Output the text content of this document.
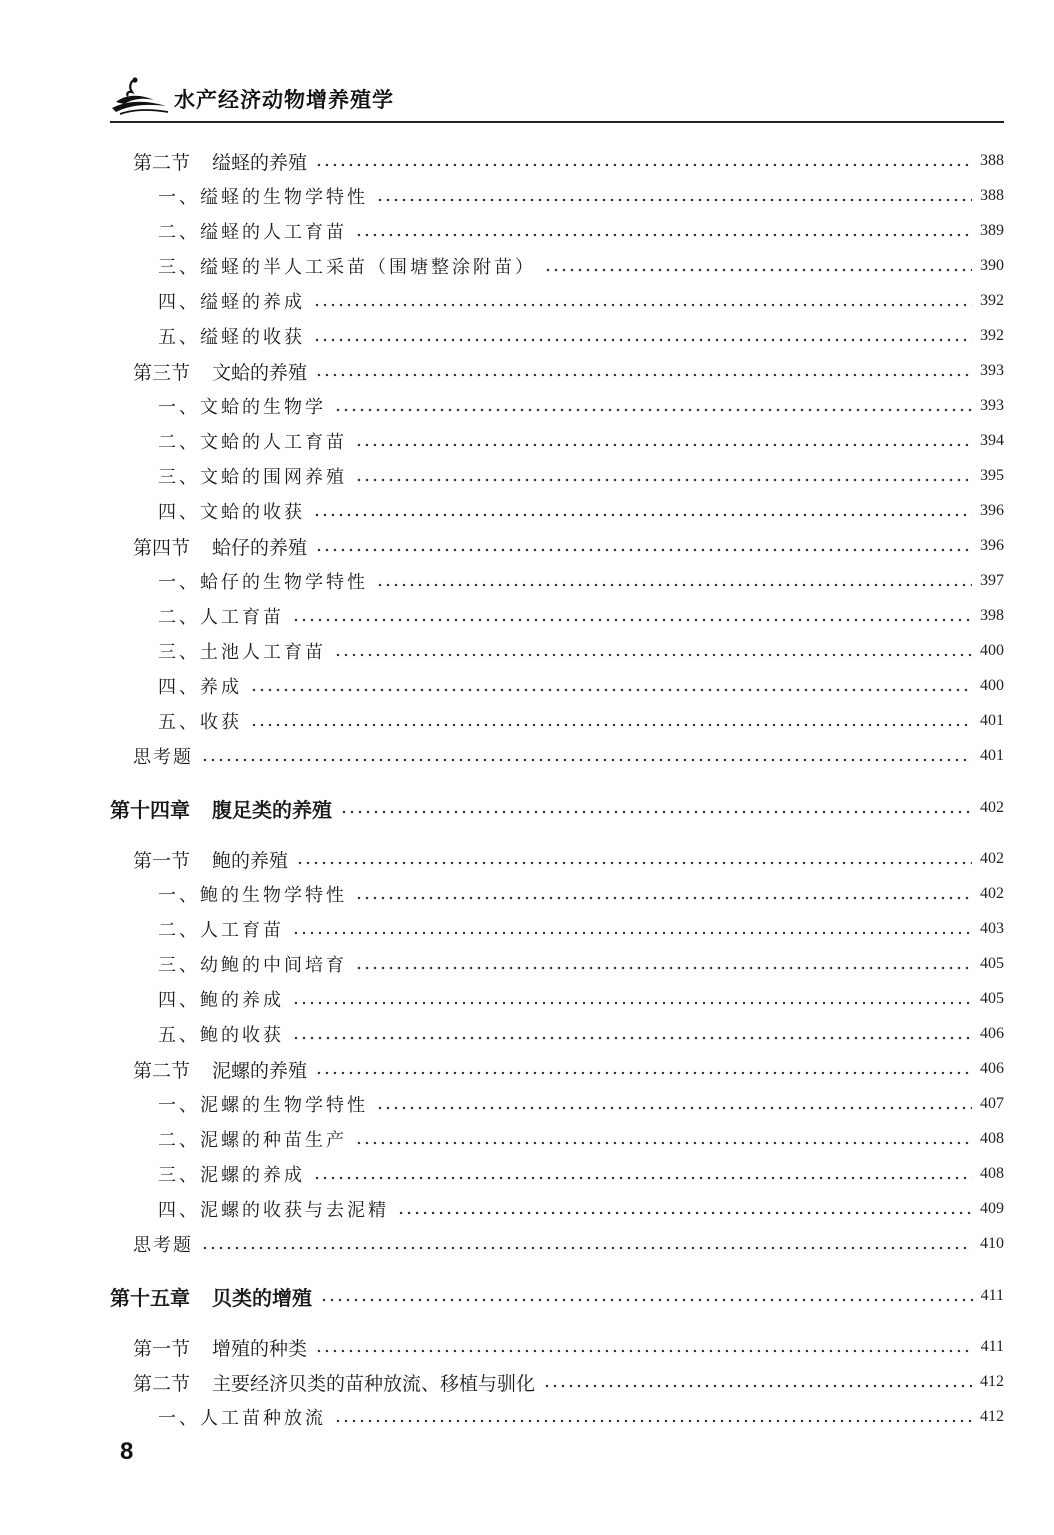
水产经济动物增养殖学
第二节 缢蛏的养殖	388
一、缢蛏的生物学特性	388
二、缢蛏的人工育苗	389
三、缢蛏的半人工采苗（围塘整涂附苗）	390
四、缢蛏的养成	392
五、缢蛏的收获	392
第三节 文蛤的养殖	393
一、文蛤的生物学	393
二、文蛤的人工育苗	394
三、文蛤的围网养殖	395
四、文蛤的收获	396
第四节 蛤仔的养殖	396
一、蛤仔的生物学特性	397
二、人工育苗	398
三、土池人工育苗	400
四、养成	400
五、收获	401
思考题	401
第十四章 腹足类的养殖	402
第一节 鲍的养殖	402
一、鲍的生物学特性	402
二、人工育苗	403
三、幼鲍的中间培育	405
四、鲍的养成	405
五、鲍的收获	406
第二节 泥螺的养殖	406
一、泥螺的生物学特性	407
二、泥螺的种苗生产	408
三、泥螺的养成	408
四、泥螺的收获与去泥精	409
思考题	410
第十五章 贝类的增殖	411
第一节 增殖的种类	411
第二节 主要经济贝类的苗种放流、移植与驯化	412
一、人工苗种放流	412
8
